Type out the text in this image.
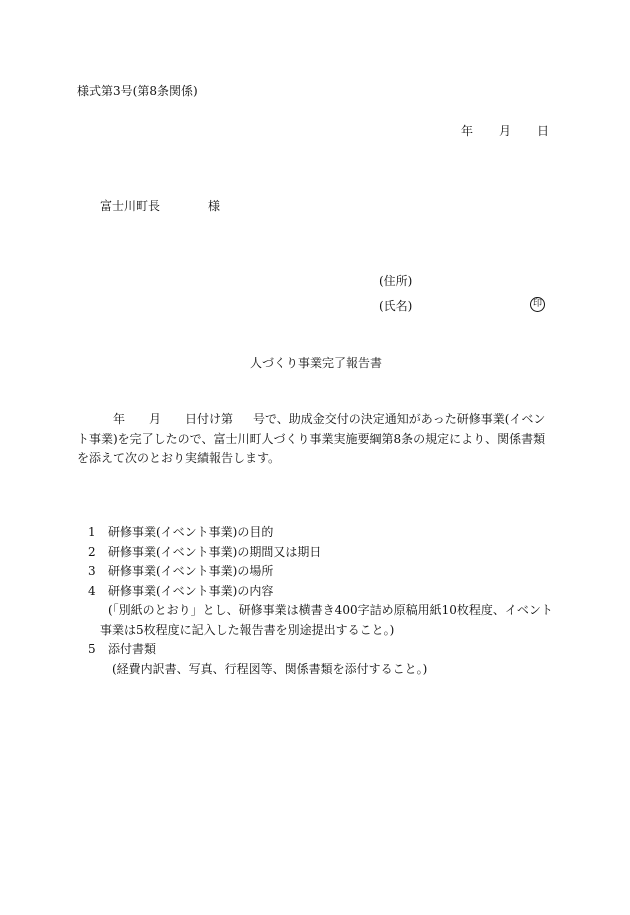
様式第3号(第8条関係)
年 月 日
富士川町長	様
(住所)
(氏名)	印
人づくり事業完了報告書
年 月 日付け第 号で、助成金交付の決定通知があった研修事業(イベント事業)を完了したので、富士川町人づくり事業実施要綱第8条の規定により、関係書類を添えて次のとおり実績報告します。
1 研修事業(イベント事業)の目的
2 研修事業(イベント事業)の期間又は期日
3 研修事業(イベント事業)の場所
4 研修事業(イベント事業)の内容
(「別紙のとおり」とし、研修事業は横書き400字詰め原稿用紙10枚程度、イベント事業は5枚程度に記入した報告書を別途提出すること。)
5 添付書類
(経費内訳書、写真、行程図等、関係書類を添付すること。)
